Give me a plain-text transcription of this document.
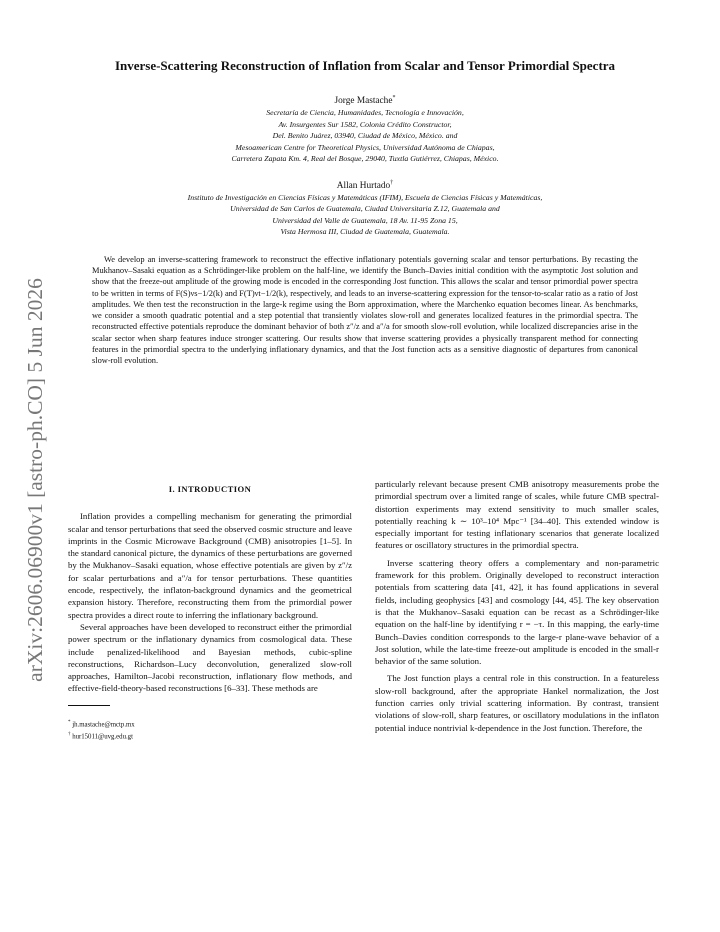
arXiv:2606.06900v1 [astro-ph.CO] 5 Jun 2026
Inverse-Scattering Reconstruction of Inflation from Scalar and Tensor Primordial Spectra
Jorge Mastache*
Secretaría de Ciencia, Humanidades, Tecnología e Innovación,
Av. Insurgentes Sur 1582, Colonia Crédito Constructor,
Del. Benito Juárez, 03940, Ciudad de México, México. and
Mesoamerican Centre for Theoretical Physics, Universidad Autónoma de Chiapas,
Carretera Zapata Km. 4, Real del Bosque, 29040, Tuxtla Gutiérrez, Chiapas, México.
Allan Hurtado†
Instituto de Investigación en Ciencias Físicas y Matemáticas (IFIM), Escuela de Ciencias Físicas y Matemáticas,
Universidad de San Carlos de Guatemala, Ciudad Universitaria Z.12, Guatemala and
Universidad del Valle de Guatemala, 18 Av. 11-95 Zona 15,
Vista Hermosa III, Ciudad de Guatemala, Guatemala.
We develop an inverse-scattering framework to reconstruct the effective inflationary potentials governing scalar and tensor perturbations. By recasting the Mukhanov–Sasaki equation as a Schrödinger-like problem on the half-line, we identify the Bunch–Davies initial condition with the asymptotic Jost solution and show that the freeze-out amplitude of the growing mode is encoded in the corresponding Jost function. This allows the scalar and tensor primordial power spectra to be written in terms of F(S)νs−1/2(k) and F(T)νt−1/2(k), respectively, and leads to an inverse-scattering expression for the tensor-to-scalar ratio as a ratio of Jost amplitudes. We then test the reconstruction in the large-k regime using the Born approximation, where the Marchenko equation becomes linear. As benchmarks, we consider a smooth quadratic potential and a step potential that transiently violates slow-roll and generates localized features in the primordial spectra. The reconstructed effective potentials reproduce the dominant behavior of both z″/z and a″/a for smooth slow-roll evolution, while localized discrepancies arise in the scalar sector when sharp features induce stronger scattering. Our results show that inverse scattering provides a physically transparent method for connecting features in the primordial spectra to the underlying inflationary dynamics, and that the Jost function acts as a sensitive diagnostic of departures from canonical slow-roll evolution.
I. INTRODUCTION

Inflation provides a compelling mechanism for generating the primordial scalar and tensor perturbations that seed the observed cosmic structure and leave imprints in the Cosmic Microwave Background (CMB) anisotropies [1–5]. In the standard canonical picture, the dynamics of these perturbations are governed by the Mukhanov–Sasaki equation, whose effective potentials are given by z″/z for scalar perturbations and a″/a for tensor perturbations. These quantities encode, respectively, the inflaton-background dynamics and the geometrical expansion history. Therefore, reconstructing them from the primordial power spectra provides a direct route to inferring the inflationary background.

Several approaches have been developed to reconstruct either the primordial power spectrum or the inflationary dynamics from cosmological data. These include penalized-likelihood and Bayesian methods, cubic-spline reconstructions, Richardson–Lucy deconvolution, generalized slow-roll approaches, Hamilton–Jacobi reconstruction, inflationary flow methods, and effective-field-theory-based reconstructions [6–33]. These methods are

* jh.mastache@mctp.mx
† hur15011@uvg.edu.gt

particularly relevant because present CMB anisotropy measurements probe the primordial spectrum over a limited range of scales, while future CMB spectral-distortion experiments may extend sensitivity to much smaller scales, potentially reaching k ∼ 10³–10⁴ Mpc⁻¹ [34–40]. This extended window is especially important for testing inflationary scenarios that generate localized features or oscillatory structures in the primordial spectra.

Inverse scattering theory offers a complementary and non-parametric framework for this problem. Originally developed to reconstruct interaction potentials from scattering data [41, 42], it has found applications in several fields, including geophysics [43] and cosmology [44, 45]. The key observation is that the Mukhanov–Sasaki equation can be recast as a Schrödinger-like equation on the half-line by identifying r = −τ. In this mapping, the early-time Bunch–Davies condition corresponds to the large-r plane-wave behavior of a Jost solution, while the late-time freeze-out amplitude is encoded in the small-r behavior of the same solution.

The Jost function plays a central role in this construction. In a featureless slow-roll background, after the appropriate Hankel normalization, the Jost function carries only trivial scattering information. By contrast, transient violations of slow-roll, sharp features, or oscillatory modulations in the inflaton potential induce nontrivial k-dependence in the Jost function. Therefore, the
